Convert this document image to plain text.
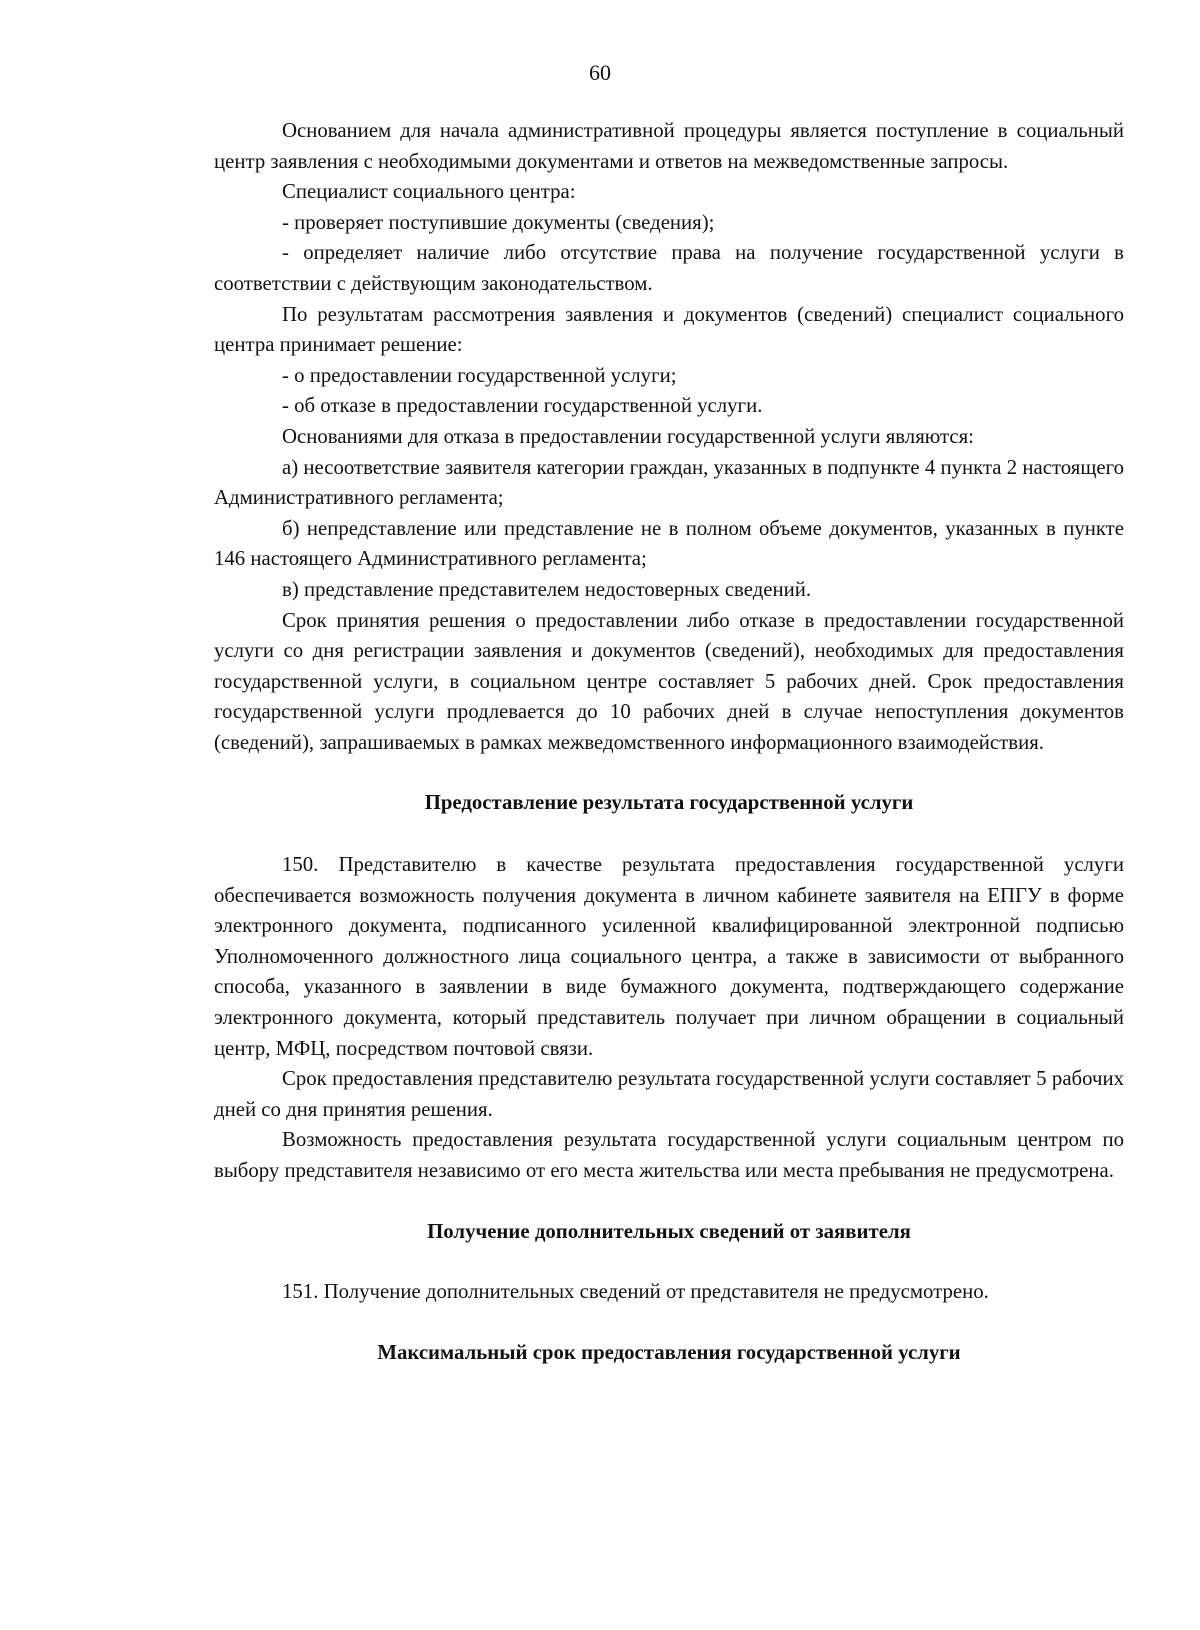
60

Основанием для начала административной процедуры является поступление в социальный центр заявления с необходимыми документами и ответов на межведомственные запросы.

Специалист социального центра:

- проверяет поступившие документы (сведения);

- определяет наличие либо отсутствие права на получение государственной услуги в соответствии с действующим законодательством.

По результатам рассмотрения заявления и документов (сведений) специалист социального центра принимает решение:

- о предоставлении государственной услуги;

- об отказе в предоставлении государственной услуги.

Основаниями для отказа в предоставлении государственной услуги являются:

а) несоответствие заявителя категории граждан, указанных в подпункте 4 пункта 2 настоящего Административного регламента;

б) непредставление или представление не в полном объеме документов, указанных в пункте 146 настоящего Административного регламента;

в) представление представителем недостоверных сведений.

Срок принятия решения о предоставлении либо отказе в предоставлении государственной услуги со дня регистрации заявления и документов (сведений), необходимых для предоставления государственной услуги, в социальном центре составляет 5 рабочих дней. Срок предоставления государственной услуги продлевается до 10 рабочих дней в случае непоступления документов (сведений), запрашиваемых в рамках межведомственного информационного взаимодействия.

Предоставление результата государственной услуги

150. Представителю в качестве результата предоставления государственной услуги обеспечивается возможность получения документа в личном кабинете заявителя на ЕПГУ в форме электронного документа, подписанного усиленной квалифицированной электронной подписью Уполномоченного должностного лица социального центра, а также в зависимости от выбранного способа, указанного в заявлении в виде бумажного документа, подтверждающего содержание электронного документа, который представитель получает при личном обращении в социальный центр, МФЦ, посредством почтовой связи.

Срок предоставления представителю результата государственной услуги составляет 5 рабочих дней со дня принятия решения.

Возможность предоставления результата государственной услуги социальным центром по выбору представителя независимо от его места жительства или места пребывания не предусмотрена.

Получение дополнительных сведений от заявителя

151. Получение дополнительных сведений от представителя не предусмотрено.

Максимальный срок предоставления государственной услуги
